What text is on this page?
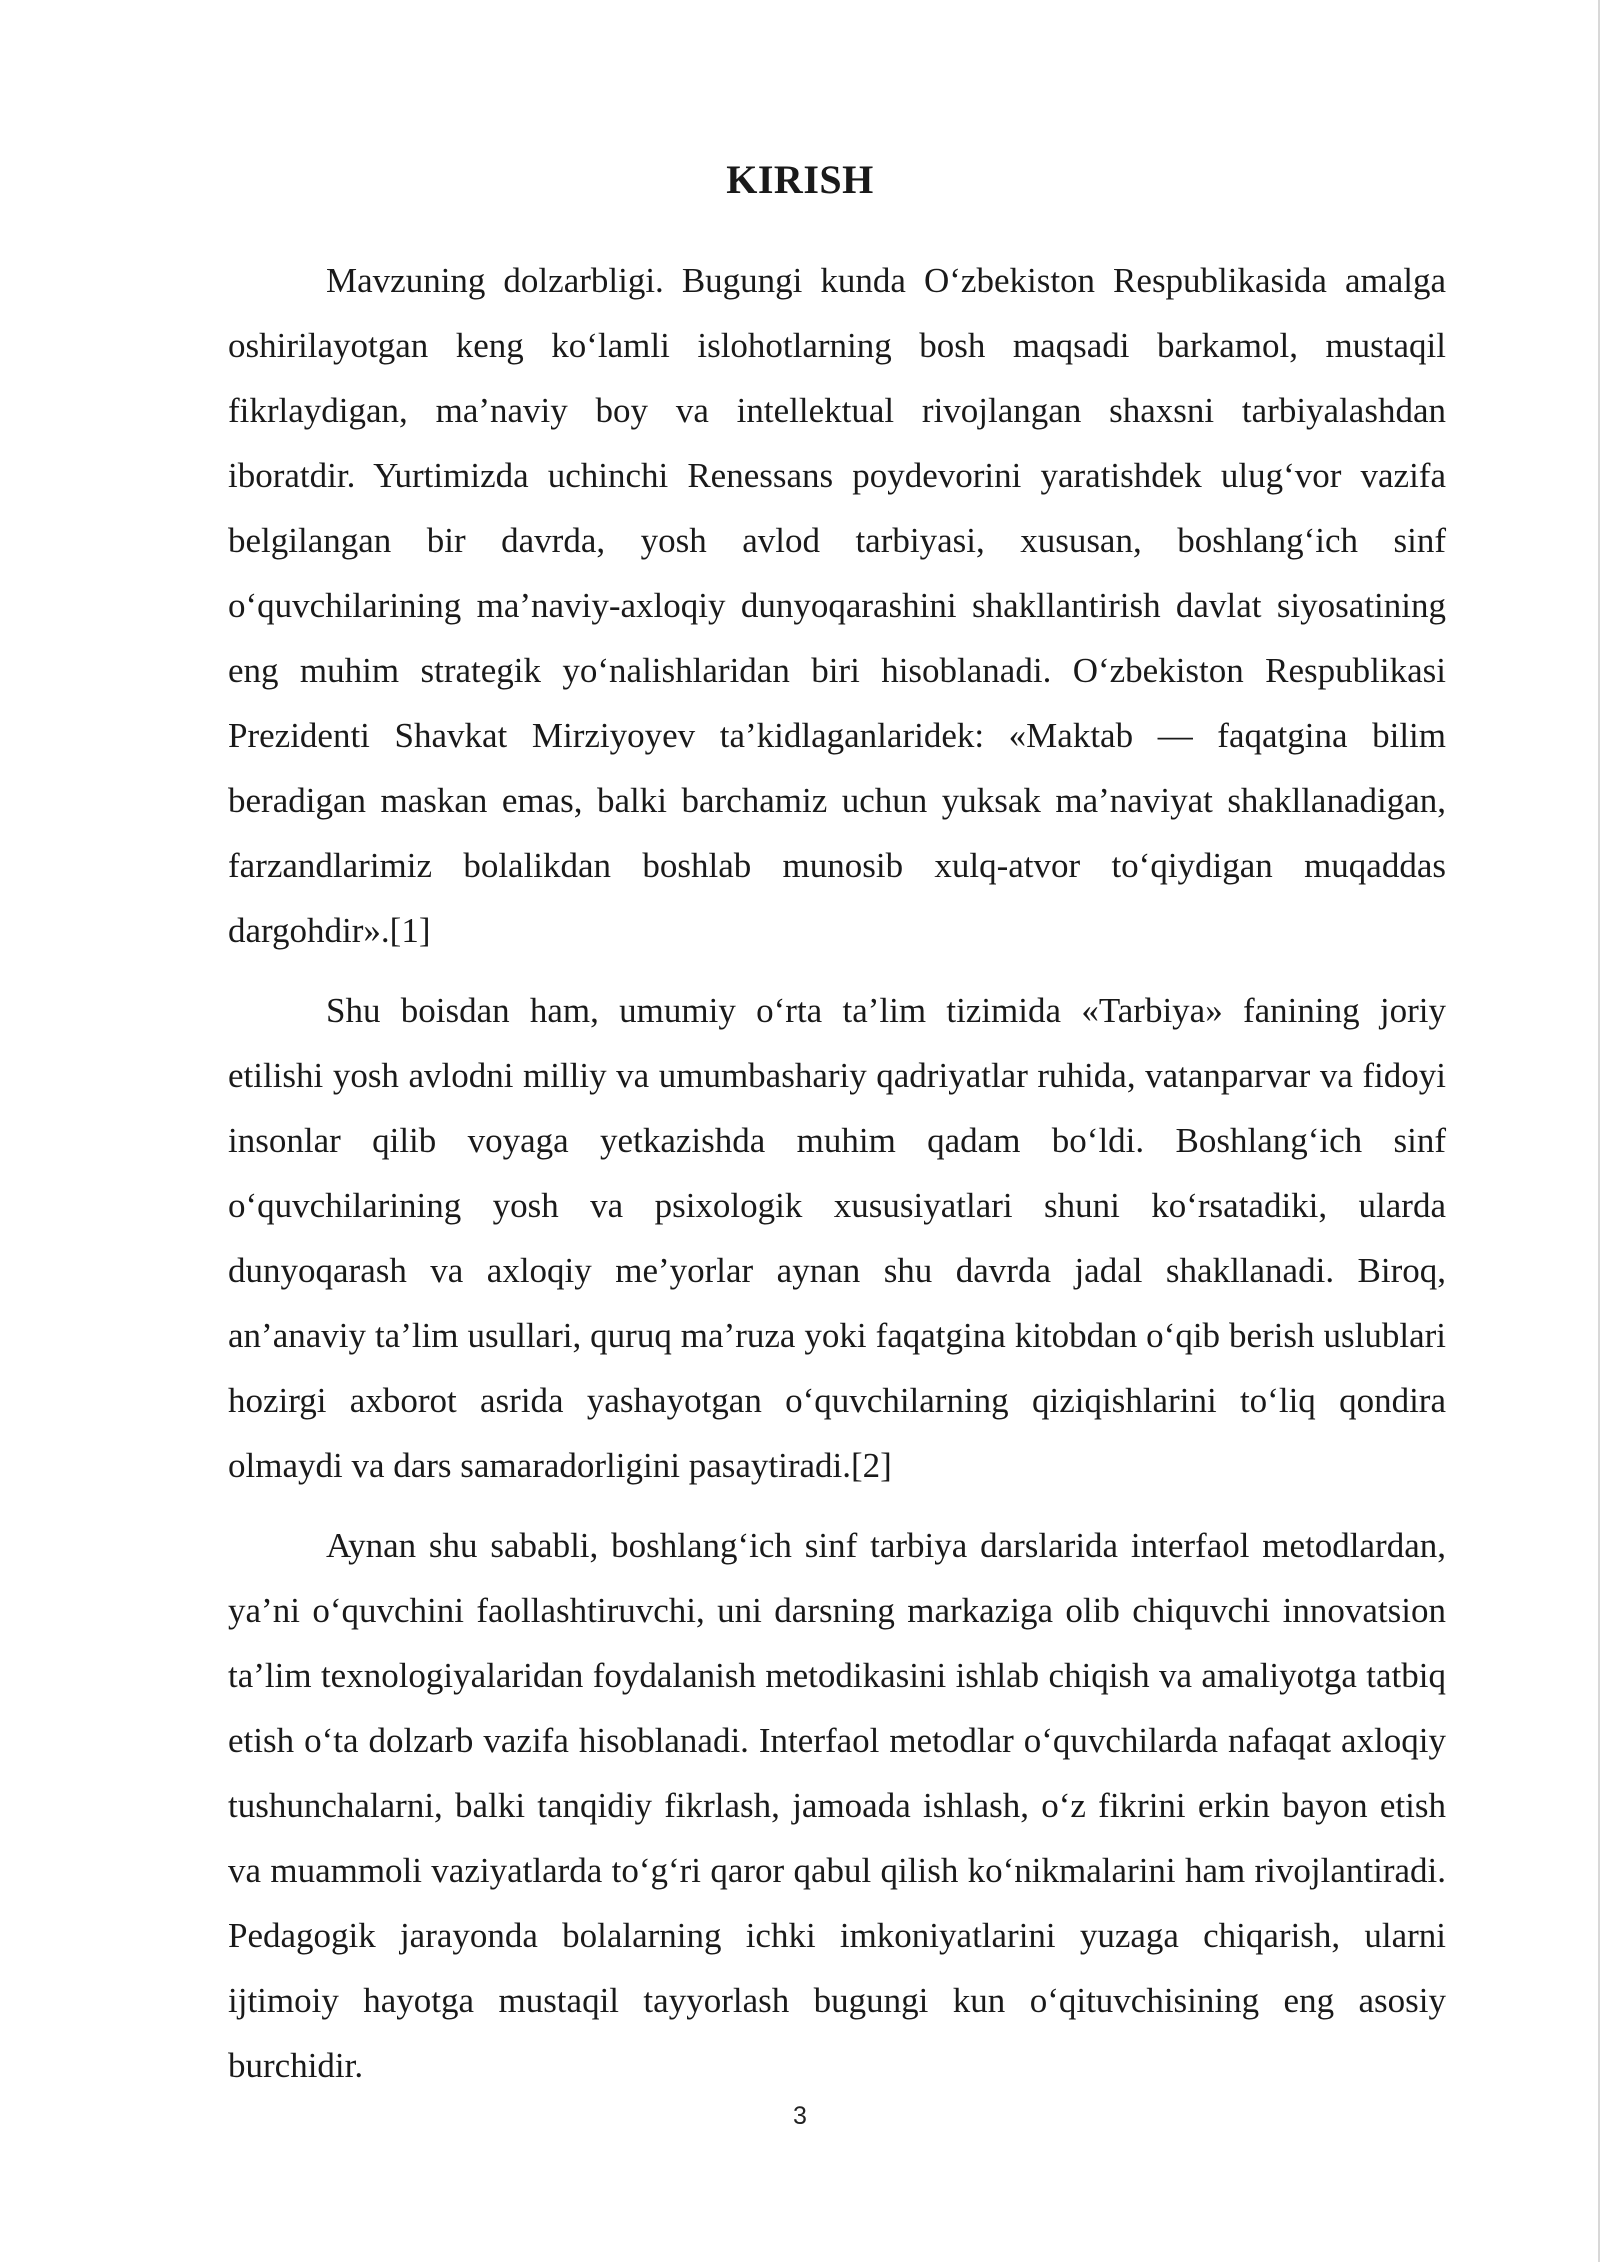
KIRISH

Mavzuning dolzarbligi. Bugungi kunda O‘zbekiston Respublikasida amalga oshirilayotgan keng ko‘lamli islohotlarning bosh maqsadi barkamol, mustaqil fikrlaydigan, ma’naviy boy va intellektual rivojlangan shaxsni tarbiyalashdan iboratdir. Yurtimizda uchinchi Renessans poydevorini yaratishdek ulug‘vor vazifa belgilangan bir davrda, yosh avlod tarbiyasi, xususan, boshlang‘ich sinf o‘quvchilarining ma’naviy-axloqiy dunyoqarashini shakllantirish davlat siyosatining eng muhim strategik yo‘nalishlaridan biri hisoblanadi. O‘zbekiston Respublikasi Prezidenti Shavkat Mirziyoyev ta’kidlaganlaridek: «Maktab — faqatgina bilim beradigan maskan emas, balki barchamiz uchun yuksak ma’naviyat shakllanadigan, farzandlarimiz bolalikdan boshlab munosib xulq-atvor to‘qiydigan muqaddas dargohdir».[1]

Shu boisdan ham, umumiy o‘rta ta’lim tizimida «Tarbiya» fanining joriy etilishi yosh avlodni milliy va umumbashariy qadriyatlar ruhida, vatanparvar va fidoyi insonlar qilib voyaga yetkazishda muhim qadam bo‘ldi. Boshlang‘ich sinf o‘quvchilarining yosh va psixologik xususiyatlari shuni ko‘rsatadiki, ularda dunyoqarash va axloqiy me’yorlar aynan shu davrda jadal shakllanadi. Biroq, an’anaviy ta’lim usullari, quruq ma’ruza yoki faqatgina kitobdan o‘qib berish uslublari hozirgi axborot asrida yashayotgan o‘quvchilarning qiziqishlarini to‘liq qondira olmaydi va dars samaradorligini pasaytiradi.[2]

Aynan shu sababli, boshlang‘ich sinf tarbiya darslarida interfaol metodlardan, ya’ni o‘quvchini faollashtiruvchi, uni darsning markaziga olib chiquvchi innovatsion ta’lim texnologiyalaridan foydalanish metodikasini ishlab chiqish va amaliyotga tatbiq etish o‘ta dolzarb vazifa hisoblanadi. Interfaol metodlar o‘quvchilarda nafaqat axloqiy tushunchalarni, balki tanqidiy fikrlash, jamoada ishlash, o‘z fikrini erkin bayon etish va muammoli vaziyatlarda to‘g‘ri qaror qabul qilish ko‘nikmalarini ham rivojlantiradi. Pedagogik jarayonda bolalarning ichki imkoniyatlarini yuzaga chiqarish, ularni ijtimoiy hayotga mustaqil tayyorlash bugungi kun o‘qituvchisining eng asosiy burchidir.

3
